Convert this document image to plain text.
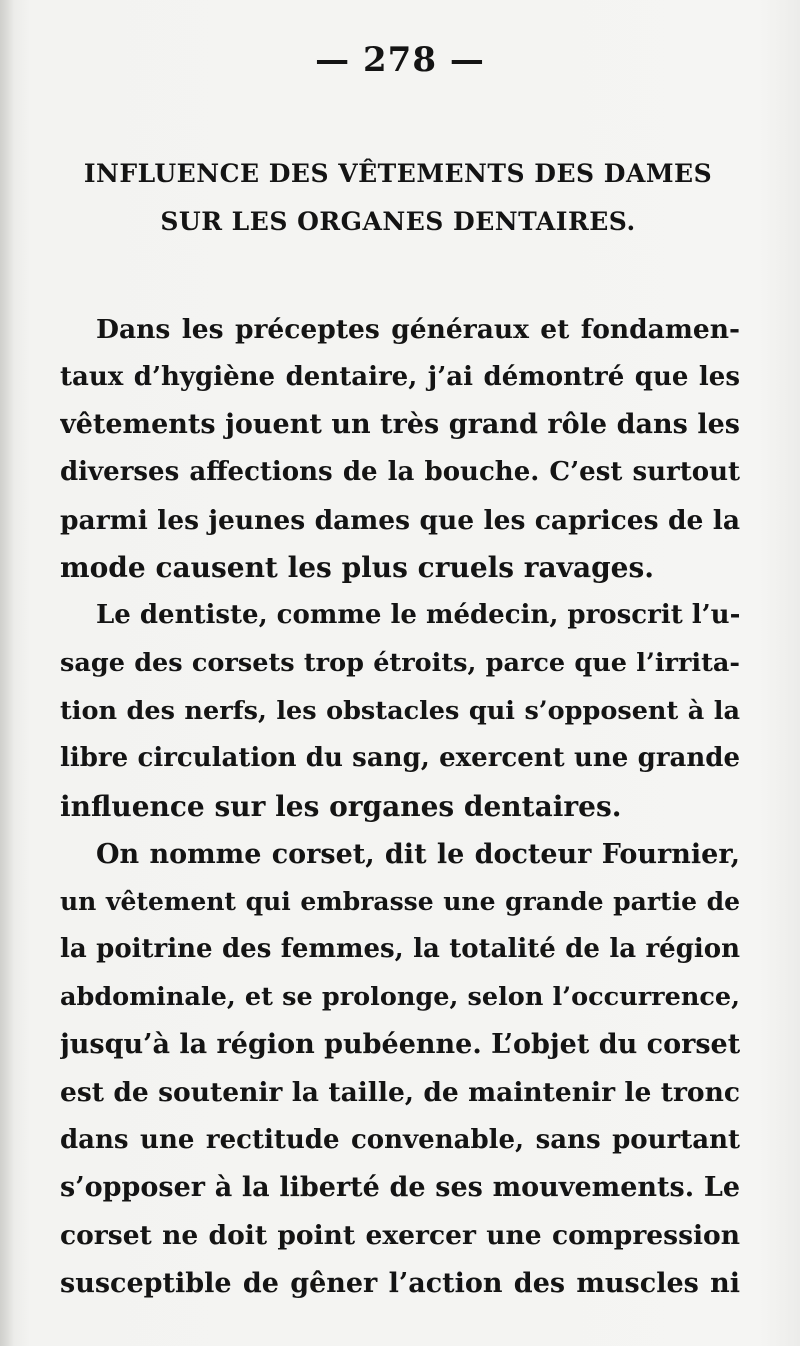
— 278 —
INFLUENCE DES VÊTEMENTS DES DAMES
SUR LES ORGANES DENTAIRES.

Dans les préceptes généraux et fondamen-
taux d’hygiène dentaire, j’ai démontré que les
vêtements jouent un très grand rôle dans les
diverses affections de la bouche. C’est surtout
parmi les jeunes dames que les caprices de la
mode causent les plus cruels ravages.

Le dentiste, comme le médecin, proscrit l’u-
sage des corsets trop étroits, parce que l’irrita-
tion des nerfs, les obstacles qui s’opposent à la
libre circulation du sang, exercent une grande
influence sur les organes dentaires.

On nomme corset, dit le docteur Fournier,
un vêtement qui embrasse une grande partie de
la poitrine des femmes, la totalité de la région
abdominale, et se prolonge, selon l’occurrence,
jusqu’à la région pubéenne. L’objet du corset
est de soutenir la taille, de maintenir le tronc
dans une rectitude convenable, sans pourtant
s’opposer à la liberté de ses mouvements. Le
corset ne doit point exercer une compression
susceptible de gêner l’action des muscles ni
